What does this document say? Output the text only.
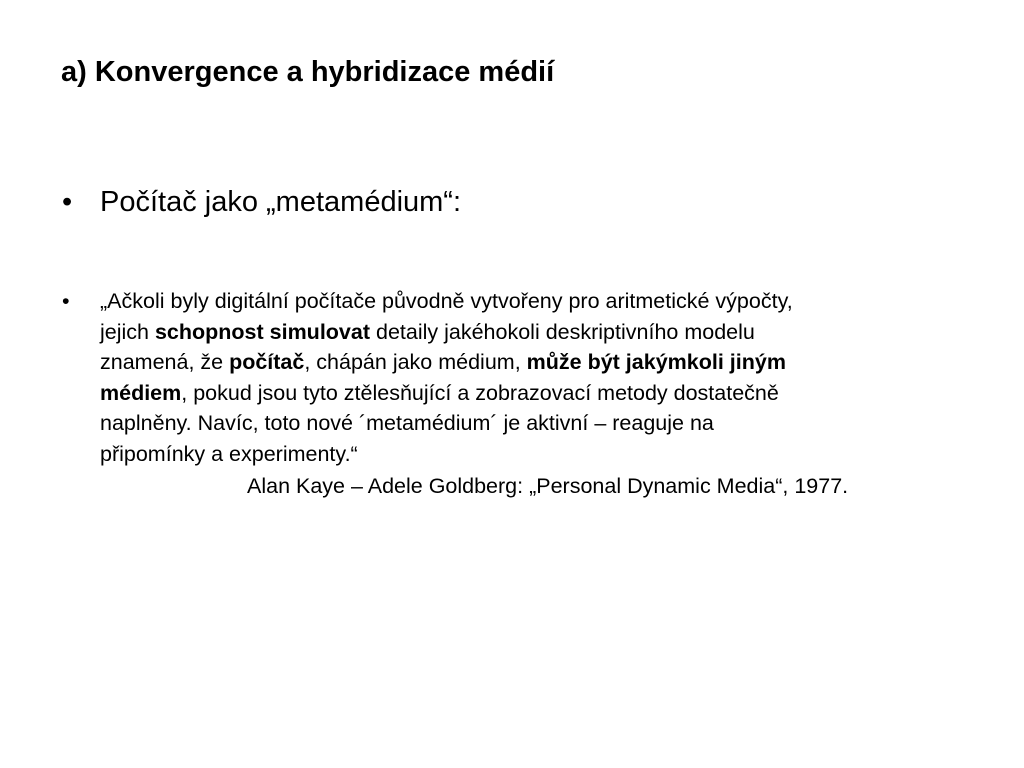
a) Konvergence a hybridizace médií
• Počítač jako „metamédium“:
•	„Ačkoli byly digitální počítače původně vytvořeny pro aritmetické výpočty,
jejich schopnost simulovat detaily jakéhokoli deskriptivního modelu
znamená, že počítač, chápán jako médium, může být jakýmkoli jiným
médiem, pokud jsou tyto ztělesňující a zobrazovací metody dostatečně
naplněny. Navíc, toto nové ´metamédium´ je aktivní – reaguje na
připomínky a experimenty.“
Alan Kaye – Adele Goldberg: „Personal Dynamic Media“, 1977.
